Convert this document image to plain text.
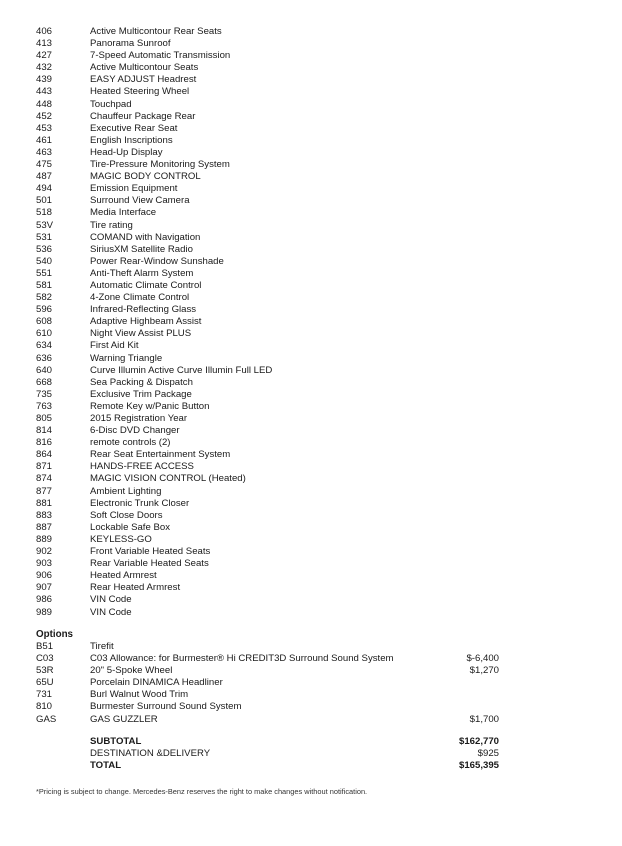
406	Active Multicontour Rear Seats
413	Panorama Sunroof
427	7-Speed Automatic Transmission
432	Active Multicontour Seats
439	EASY ADJUST Headrest
443	Heated Steering Wheel
448	Touchpad
452	Chauffeur Package Rear
453	Executive Rear Seat
461	English Inscriptions
463	Head-Up Display
475	Tire-Pressure Monitoring System
487	MAGIC BODY CONTROL
494	Emission Equipment
501	Surround View Camera
518	Media Interface
53V	Tire rating
531	COMAND with Navigation
536	SiriusXM Satellite Radio
540	Power Rear-Window Sunshade
551	Anti-Theft Alarm System
581	Automatic Climate Control
582	4-Zone Climate Control
596	Infrared-Reflecting Glass
608	Adaptive Highbeam Assist
610	Night View Assist PLUS
634	First Aid Kit
636	Warning Triangle
640	Curve Illumin Active Curve Illumin Full LED
668	Sea Packing & Dispatch
735	Exclusive Trim Package
763	Remote Key w/Panic Button
805	2015 Registration Year
814	6-Disc DVD Changer
816	remote controls (2)
864	Rear Seat Entertainment System
871	HANDS-FREE ACCESS
874	MAGIC VISION CONTROL (Heated)
877	Ambient Lighting
881	Electronic Trunk Closer
883	Soft Close Doors
887	Lockable Safe Box
889	KEYLESS-GO
902	Front Variable Heated Seats
903	Rear Variable Heated Seats
906	Heated Armrest
907	Rear Heated Armrest
986	VIN Code
989	VIN Code
Options
B51	Tirefit
C03	C03 Allowance: for Burmester® Hi CREDIT3D Surround Sound System	$-6,400
53R	20" 5-Spoke Wheel	$1,270
65U	Porcelain DINAMICA Headliner
731	Burl Walnut Wood Trim
810	Burmester Surround Sound System
GAS	GAS GUZZLER	$1,700
SUBTOTAL	$162,770
DESTINATION &DELIVERY	$925
TOTAL	$165,395
*Pricing is subject to change. Mercedes-Benz reserves the right to make changes without notification.
